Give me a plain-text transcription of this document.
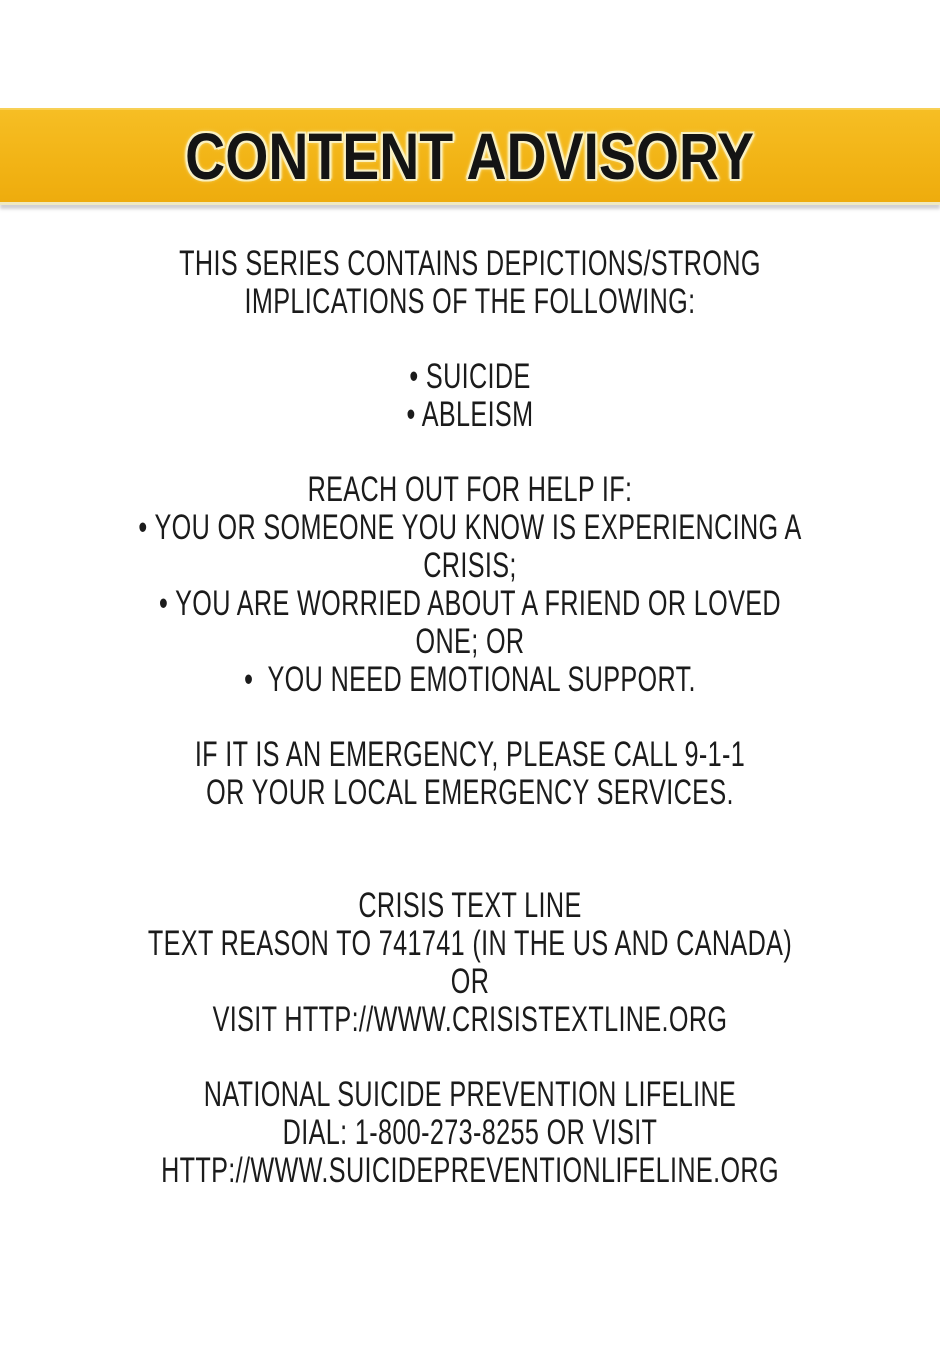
CONTENT ADVISORY
THIS SERIES CONTAINS DEPICTIONS/STRONG
IMPLICATIONS OF THE FOLLOWING:
• SUICIDE
• ABLEISM
REACH OUT FOR HELP IF:
• YOU OR SOMEONE YOU KNOW IS EXPERIENCING A CRISIS;
• YOU ARE WORRIED ABOUT A FRIEND OR LOVED ONE; OR
•  YOU NEED EMOTIONAL SUPPORT.
IF IT IS AN EMERGENCY, PLEASE CALL 9-1-1
OR YOUR LOCAL EMERGENCY SERVICES.
CRISIS TEXT LINE
TEXT REASON TO 741741 (IN THE US AND CANADA) OR
VISIT HTTP://WWW.CRISISTEXTLINE.ORG
NATIONAL SUICIDE PREVENTION LIFELINE
DIAL: 1-800-273-8255 OR VISIT
HTTP://WWW.SUICIDEPREVENTIONLIFELINE.ORG
